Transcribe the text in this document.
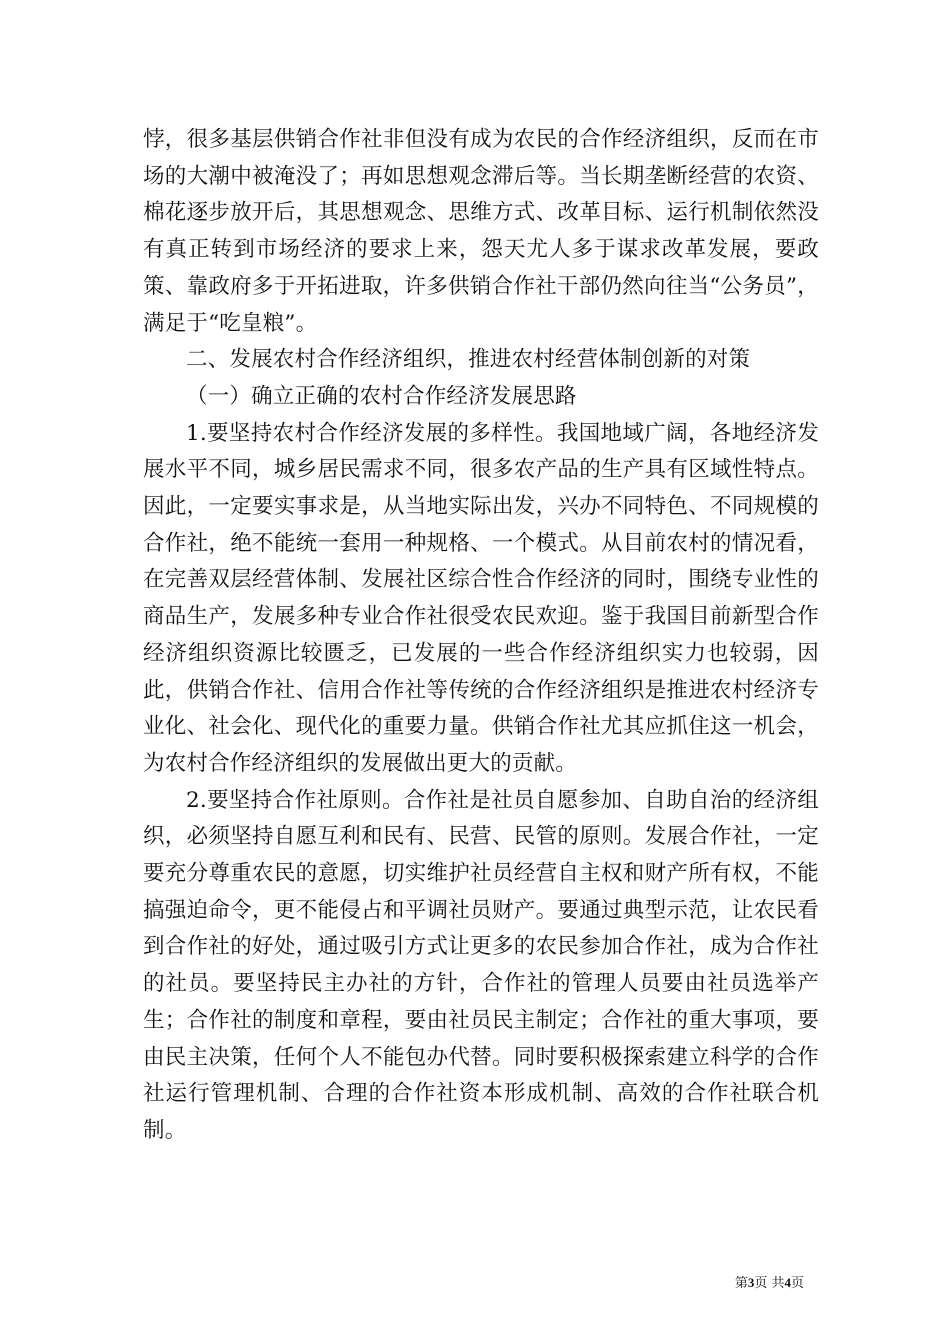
悖，很多基层供销合作社非但没有成为农民的合作经济组织，反而在市场的大潮中被淹没了；再如思想观念滞后等。当长期垄断经营的农资、棉花逐步放开后，其思想观念、思维方式、改革目标、运行机制依然没有真正转到市场经济的要求上来，怨天尤人多于谋求改革发展，要政策、靠政府多于开拓进取，许多供销合作社干部仍然向往当“公务员”，满足于“吃皇粮”。

二、发展农村合作经济组织，推进农村经营体制创新的对策

（一）确立正确的农村合作经济发展思路

1.要坚持农村合作经济发展的多样性。我国地域广阔，各地经济发展水平不同，城乡居民需求不同，很多农产品的生产具有区域性特点。因此，一定要实事求是，从当地实际出发，兴办不同特色、不同规模的合作社，绝不能统一套用一种规格、一个模式。从目前农村的情况看，在完善双层经营体制、发展社区综合性合作经济的同时，围绕专业性的商品生产，发展多种专业合作社很受农民欢迎。鉴于我国目前新型合作经济组织资源比较匮乏，已发展的一些合作经济组织实力也较弱，因此，供销合作社、信用合作社等传统的合作经济组织是推进农村经济专业化、社会化、现代化的重要力量。供销合作社尤其应抓住这一机会，为农村合作经济组织的发展做出更大的贡献。

2.要坚持合作社原则。合作社是社员自愿参加、自助自治的经济组织，必须坚持自愿互利和民有、民营、民管的原则。发展合作社，一定要充分尊重农民的意愿，切实维护社员经营自主权和财产所有权，不能搞强迫命令，更不能侵占和平调社员财产。要通过典型示范，让农民看到合作社的好处，通过吸引方式让更多的农民参加合作社，成为合作社的社员。要坚持民主办社的方针，合作社的管理人员要由社员选举产生；合作社的制度和章程，要由社员民主制定；合作社的重大事项，要由民主决策，任何个人不能包办代替。同时要积极探索建立科学的合作社运行管理机制、合理的合作社资本形成机制、高效的合作社联合机制。

第3页 共4页
